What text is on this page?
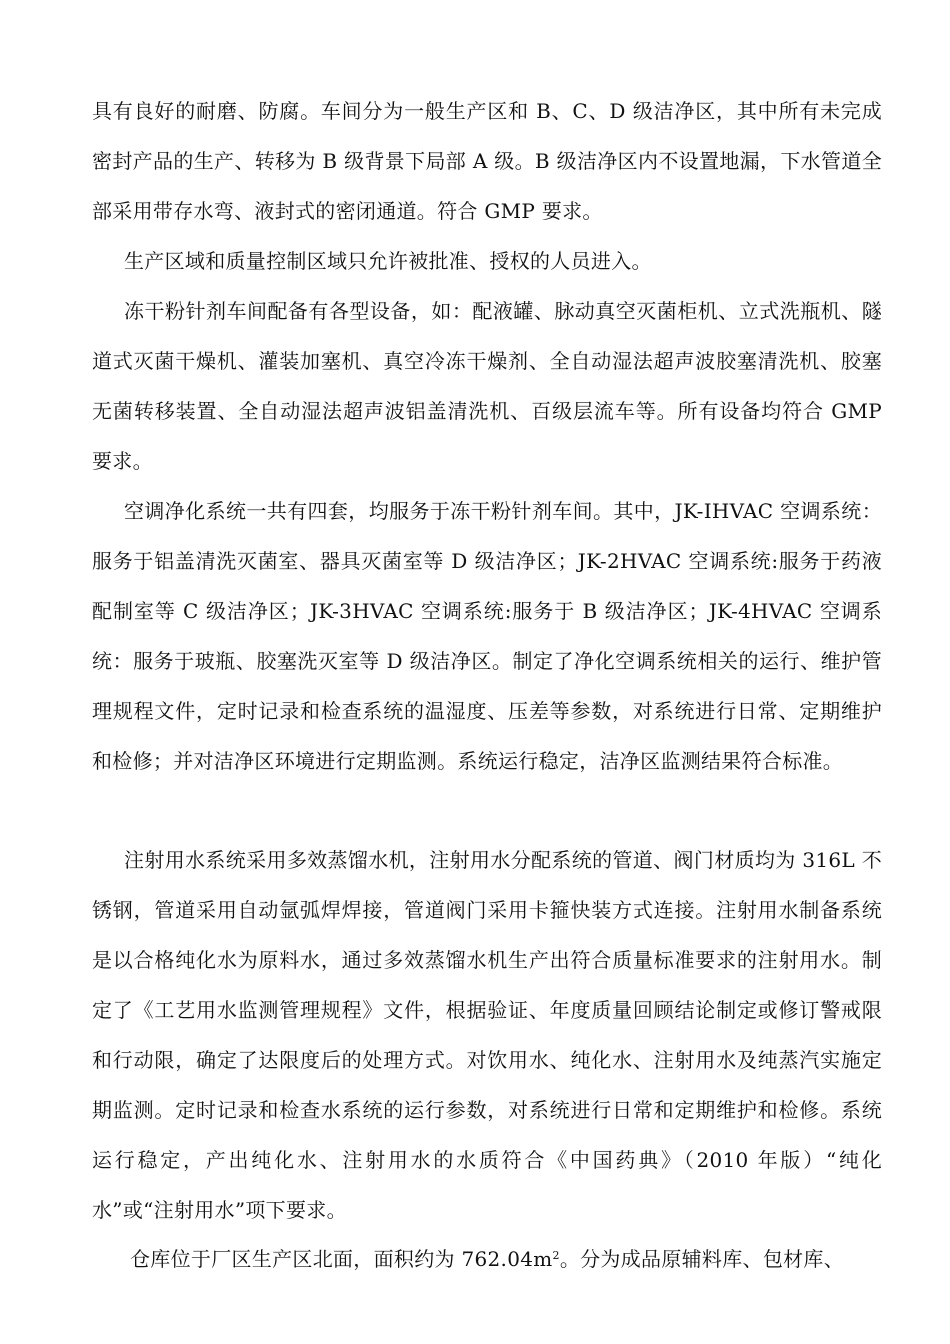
具有良好的耐磨、防腐。车间分为一般生产区和 B、C、D 级洁净区，其中所有未完成密封产品的生产、转移为 B 级背景下局部 A 级。B 级洁净区内不设置地漏，下水管道全部采用带存水弯、液封式的密闭通道。符合 GMP 要求。

生产区域和质量控制区域只允许被批准、授权的人员进入。

冻干粉针剂车间配备有各型设备，如：配液罐、脉动真空灭菌柜机、立式洗瓶机、隧道式灭菌干燥机、灌装加塞机、真空冷冻干燥剂、全自动湿法超声波胶塞清洗机、胶塞无菌转移装置、全自动湿法超声波铝盖清洗机、百级层流车等。所有设备均符合 GMP 要求。

空调净化系统一共有四套，均服务于冻干粉针剂车间。其中，JK-IHVAC 空调系统：服务于铝盖清洗灭菌室、器具灭菌室等 D 级洁净区；JK-2HVAC 空调系统:服务于药液配制室等 C 级洁净区；JK-3HVAC 空调系统:服务于 B 级洁净区；JK-4HVAC 空调系统：服务于玻瓶、胶塞洗灭室等 D 级洁净区。制定了净化空调系统相关的运行、维护管理规程文件，定时记录和检查系统的温湿度、压差等参数，对系统进行日常、定期维护和检修；并对洁净区环境进行定期监测。系统运行稳定，洁净区监测结果符合标准。

注射用水系统采用多效蒸馏水机，注射用水分配系统的管道、阀门材质均为 316L 不锈钢，管道采用自动氩弧焊焊接，管道阀门采用卡箍快装方式连接。注射用水制备系统是以合格纯化水为原料水，通过多效蒸馏水机生产出符合质量标准要求的注射用水。制定了《工艺用水监测管理规程》文件，根据验证、年度质量回顾结论制定或修订警戒限和行动限，确定了达限度后的处理方式。对饮用水、纯化水、注射用水及纯蒸汽实施定期监测。定时记录和检查水系统的运行参数，对系统进行日常和定期维护和检修。系统运行稳定，产出纯化水、注射用水的水质符合《中国药典》（2010 年版）“纯化水”或“注射用水”项下要求。

仓库位于厂区生产区北面，面积约为 $762.04m^2$。分为成品原辅料库、包材库、
